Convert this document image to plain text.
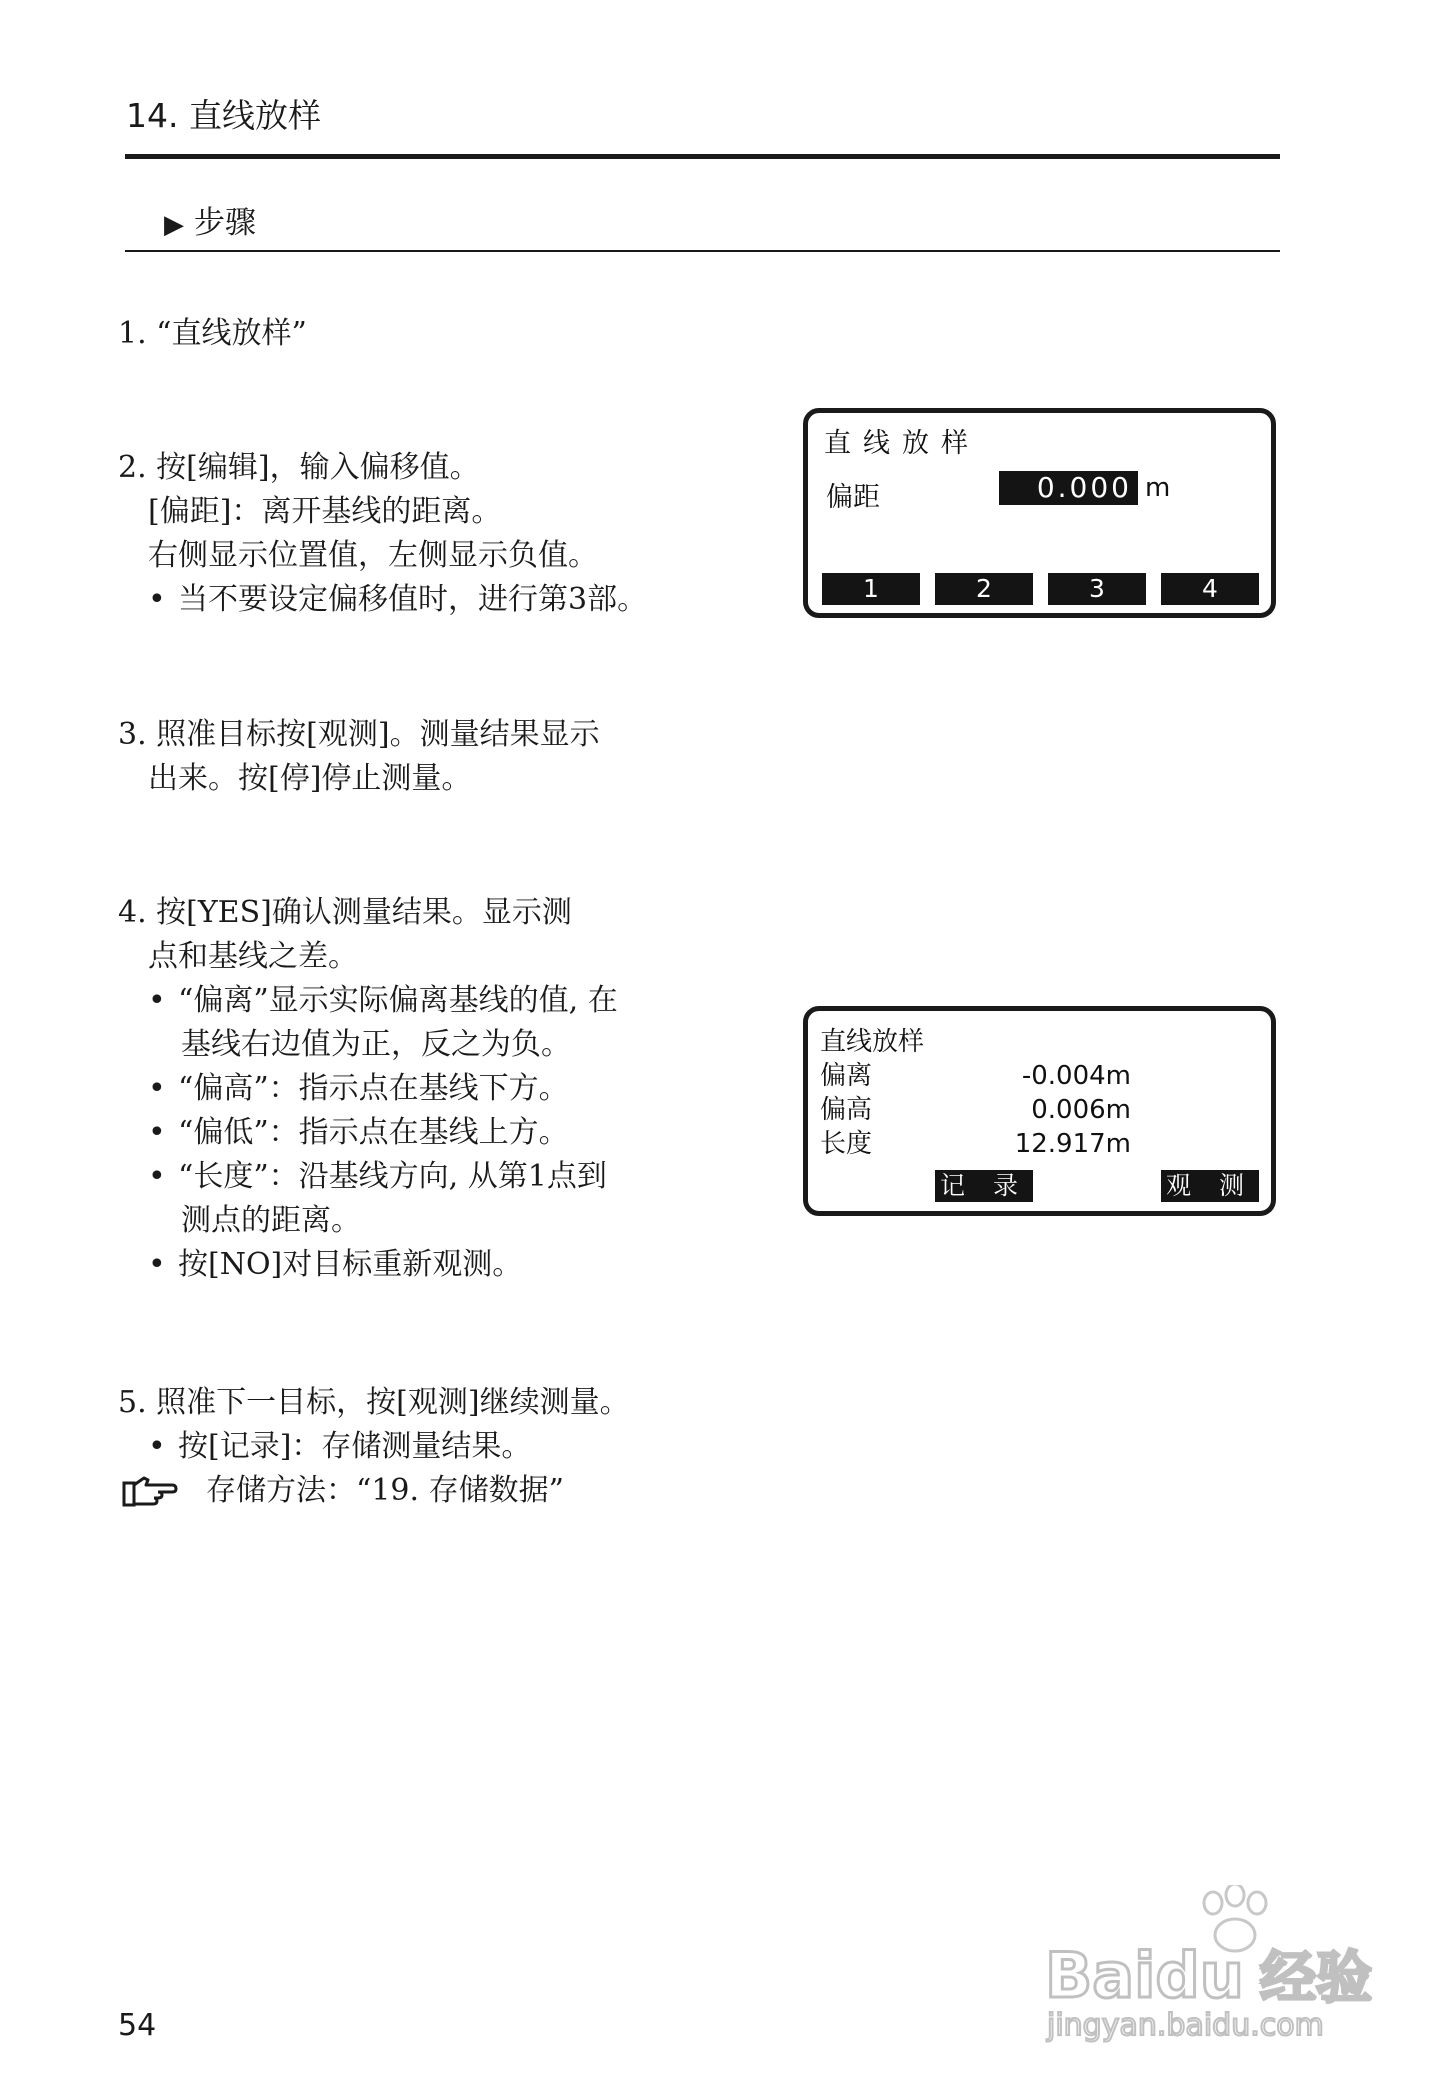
14. 直线放样
▶ 步骤
1. “直线放样”
2. 按[编辑]，输入偏移值。
[偏距]：离开基线的距离。
右侧显示位置值，左侧显示负值。
• 当不要设定偏移值时，进行第3部。
3. 照准目标按[观测]。测量结果显示
出来。按[停]停止测量。
4. 按[YES]确认测量结果。显示测
点和基线之差。
• “偏离”显示实际偏离基线的值, 在
基线右边值为正，反之为负。
• “偏高”：指示点在基线下方。
• “偏低”：指示点在基线上方。
• “长度”：沿基线方向, 从第1点到
测点的距离。
• 按[NO]对目标重新观测。
5. 照准下一目标，按[观测]继续测量。
• 按[记录]：存储测量结果。
存储方法：“19. 存储数据”
直线放样
偏距	0.000 m
1	2	3	4
直线放样
偏离	-0.004m
偏高	0.006m
长度	12.917m
记 录	观 测
54
Baidu 经验
jingyan.baidu.com
